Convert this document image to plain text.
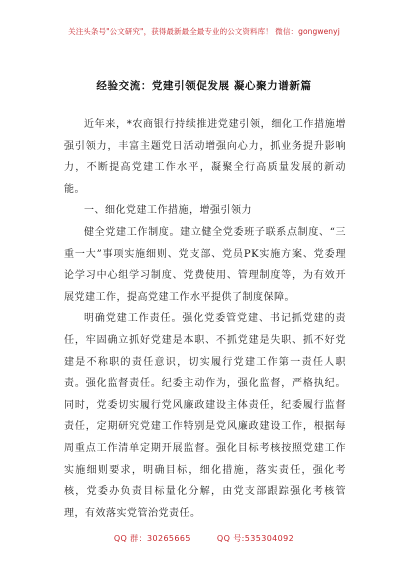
关注头条号"公文研究"，获得最新最全最专业的公文资料库！ 微信：gongwenyj
经验交流：党建引领促发展 凝心聚力谱新篇

近年来，*农商银行持续推进党建引领，细化工作措施增强引领力，丰富主题党日活动增强向心力，抓业务提升影响力，不断提高党建工作水平，凝聚全行高质量发展的新动能。

一、细化党建工作措施，增强引领力

健全党建工作制度。建立健全党委班子联系点制度、“三重一大”事项实施细则、党支部、党员PK实施方案、党委理论学习中心组学习制度、党费使用、管理制度等，为有效开展党建工作，提高党建工作水平提供了制度保障。

明确党建工作责任。强化党委管党建、书记抓党建的责任，牢固确立抓好党建是本职、不抓党建是失职、抓不好党建是不称职的责任意识，切实履行党建工作第一责任人职责。强化监督责任。纪委主动作为，强化监督，严格执纪。同时，党委切实履行党风廉政建设主体责任，纪委履行监督责任，定期研究党建工作特别是党风廉政建设工作，根据每周重点工作清单定期开展监督。强化目标考核按照党建工作实施细则要求，明确目标，细化措施，落实责任，强化考核，党委办负责目标量化分解，由党支部跟踪强化考核管理，有效落实党管治党责任。

QQ 群：30265665	QQ 号:535304092
